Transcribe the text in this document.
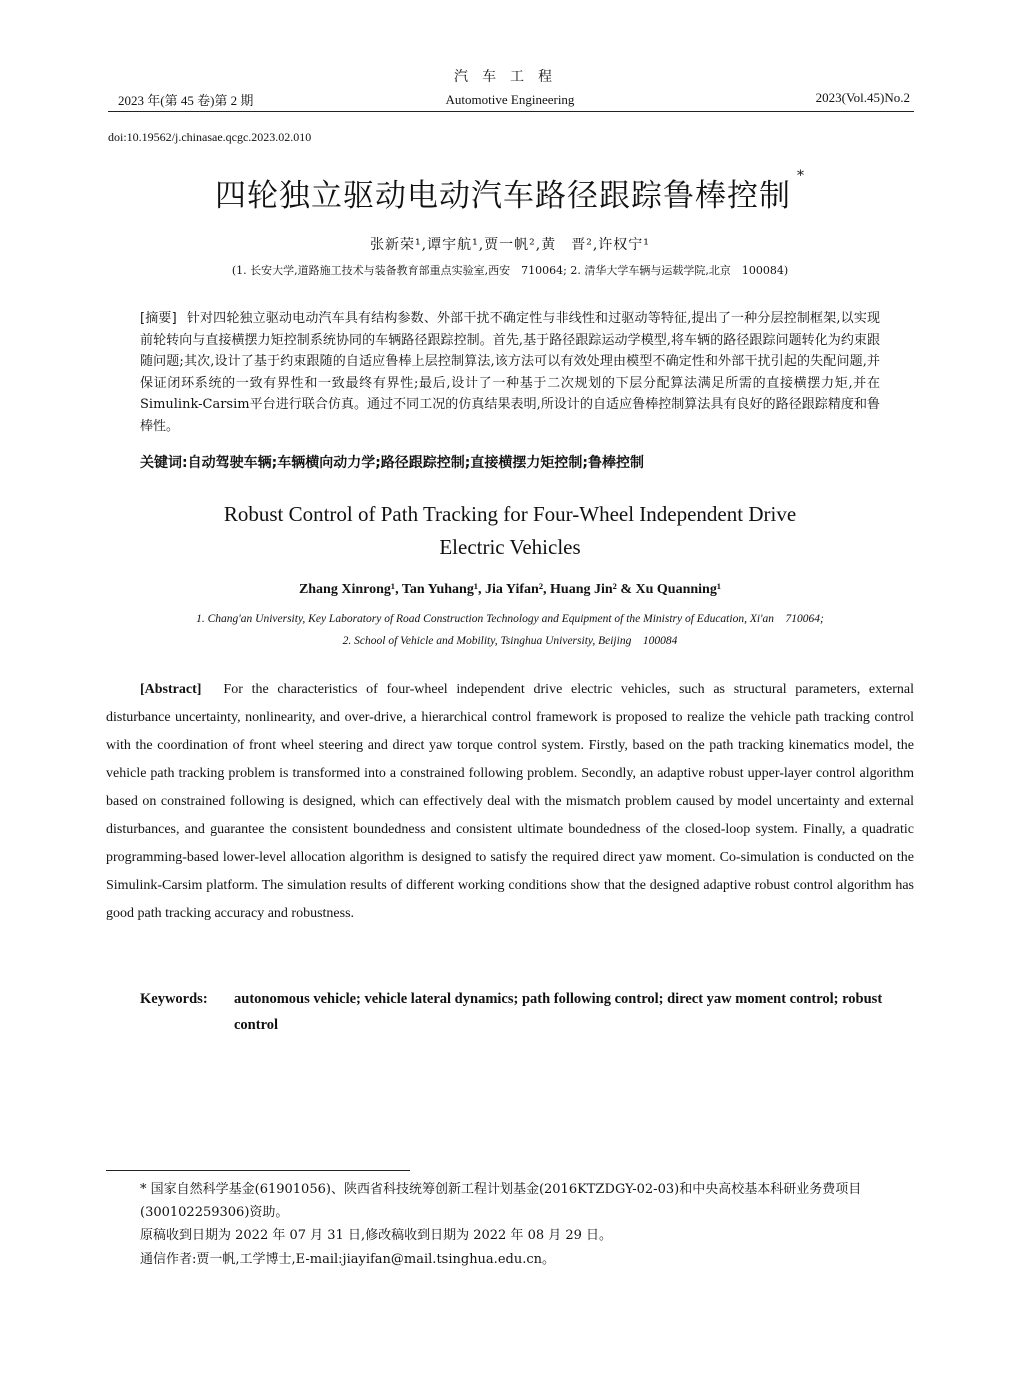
汽车工程
2023 年(第 45 卷)第 2 期	Automotive Engineering	2023(Vol.45)No.2
doi:10.19562/j.chinasae.qcgc.2023.02.010
四轮独立驱动电动汽车路径跟踪鲁棒控制*
张新荣¹,谭宇航¹,贾一帆²,黄　晋²,许权宁¹
(1. 长安大学,道路施工技术与装备教育部重点实验室,西安　710064; 2. 清华大学车辆与运载学院,北京　100084)
[摘要] 针对四轮独立驱动电动汽车具有结构参数、外部干扰不确定性与非线性和过驱动等特征,提出了一种分层控制框架,以实现前轮转向与直接横摆力矩控制系统协同的车辆路径跟踪控制。首先,基于路径跟踪运动学模型,将车辆的路径跟踪问题转化为约束跟随问题;其次,设计了基于约束跟随的自适应鲁棒上层控制算法,该方法可以有效处理由模型不确定性和外部干扰引起的失配问题,并保证闭环系统的一致有界性和一致最终有界性;最后,设计了一种基于二次规划的下层分配算法满足所需的直接横摆力矩,并在Simulink-Carsim平台进行联合仿真。通过不同工况的仿真结果表明,所设计的自适应鲁棒控制算法具有良好的路径跟踪精度和鲁棒性。
关键词:自动驾驶车辆;车辆横向动力学;路径跟踪控制;直接横摆力矩控制;鲁棒控制
Robust Control of Path Tracking for Four-Wheel Independent Drive
Electric Vehicles
Zhang Xinrong¹, Tan Yuhang¹, Jia Yifan², Huang Jin² & Xu Quanning¹
1. Chang'an University, Key Laboratory of Road Construction Technology and Equipment of the Ministry of Education, Xi'an　710064;
2. School of Vehicle and Mobility, Tsinghua University, Beijing　100084
[Abstract] For the characteristics of four-wheel independent drive electric vehicles, such as structural parameters, external disturbance uncertainty, nonlinearity, and over-drive, a hierarchical control framework is proposed to realize the vehicle path tracking control with the coordination of front wheel steering and direct yaw torque control system. Firstly, based on the path tracking kinematics model, the vehicle path tracking problem is transformed into a constrained following problem. Secondly, an adaptive robust upper-layer control algorithm based on constrained following is designed, which can effectively deal with the mismatch problem caused by model uncertainty and external disturbances, and guarantee the consistent boundedness and consistent ultimate boundedness of the closed-loop system. Finally, a quadratic programming-based lower-level allocation algorithm is designed to satisfy the required direct yaw moment. Co-simulation is conducted on the Simulink-Carsim platform. The simulation results of different working conditions show that the designed adaptive robust control algorithm has good path tracking accuracy and robustness.
Keywords: autonomous vehicle; vehicle lateral dynamics; path following control; direct yaw moment control; robust control
* 国家自然科学基金(61901056)、陕西省科技统筹创新工程计划基金(2016KTZDGY-02-03)和中央高校基本科研业务费项目(300102259306)资助。
原稿收到日期为 2022 年 07 月 31 日,修改稿收到日期为 2022 年 08 月 29 日。
通信作者:贾一帆,工学博士,E-mail:jiayifan@mail.tsinghua.edu.cn。
